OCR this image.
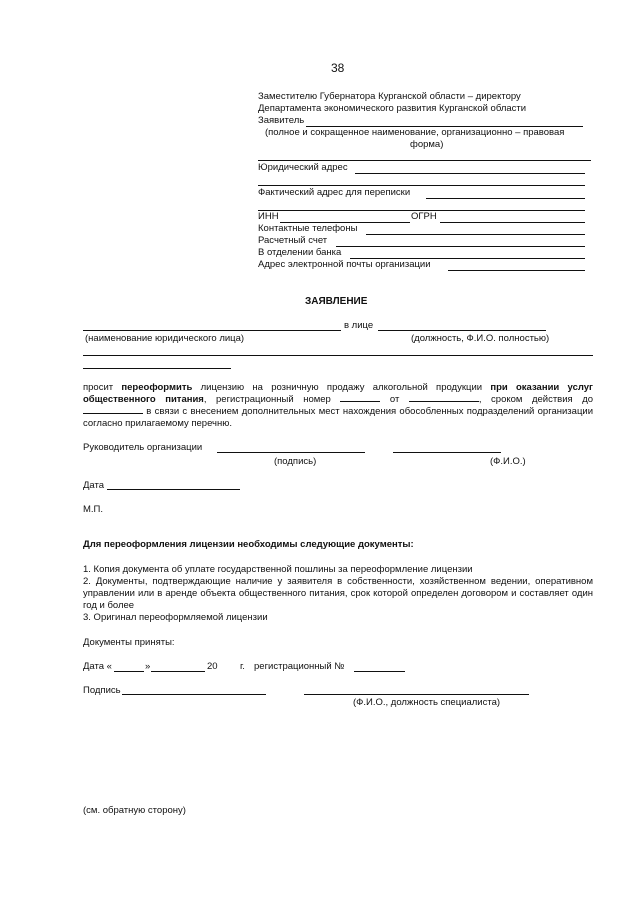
38
Заместителю Губернатора Курганской области – директору
Департамента экономического развития Курганской области
Заявитель
(полное и сокращенное наименование, организационно – правовая
форма)
Юридический адрес
Фактический адрес для переписки
ИНН	ОГРН
Контактные телефоны
Расчетный счет
В отделении банка
Адрес электронной почты организации
ЗАЯВЛЕНИЕ
в лице
(наименование юридического лица)	(должность, Ф.И.О. полностью)
просит переоформить лицензию на розничную продажу алкогольной продукции при оказании услуг общественного питания, регистрационный номер	от	, сроком действия до  в связи с внесением дополнительных мест нахождения обособленных подразделений организации согласно прилагаемому перечню.
Руководитель организации
(подпись)	(Ф.И.О.)
Дата
М.П.
Для переоформления лицензии необходимы следующие документы:
1. Копия документа об уплате государственной пошлины за переоформление лицензии
2. Документы, подтверждающие наличие у заявителя в собственности, хозяйственном ведении, оперативном управлении или в аренде объекта общественного питания, срок которой определен договором и составляет один год и более
3. Оригинал переоформляемой лицензии
Документы приняты:
Дата «	»	20 г. регистрационный №
Подпись
(Ф.И.О., должность специалиста)
(см. обратную сторону)
